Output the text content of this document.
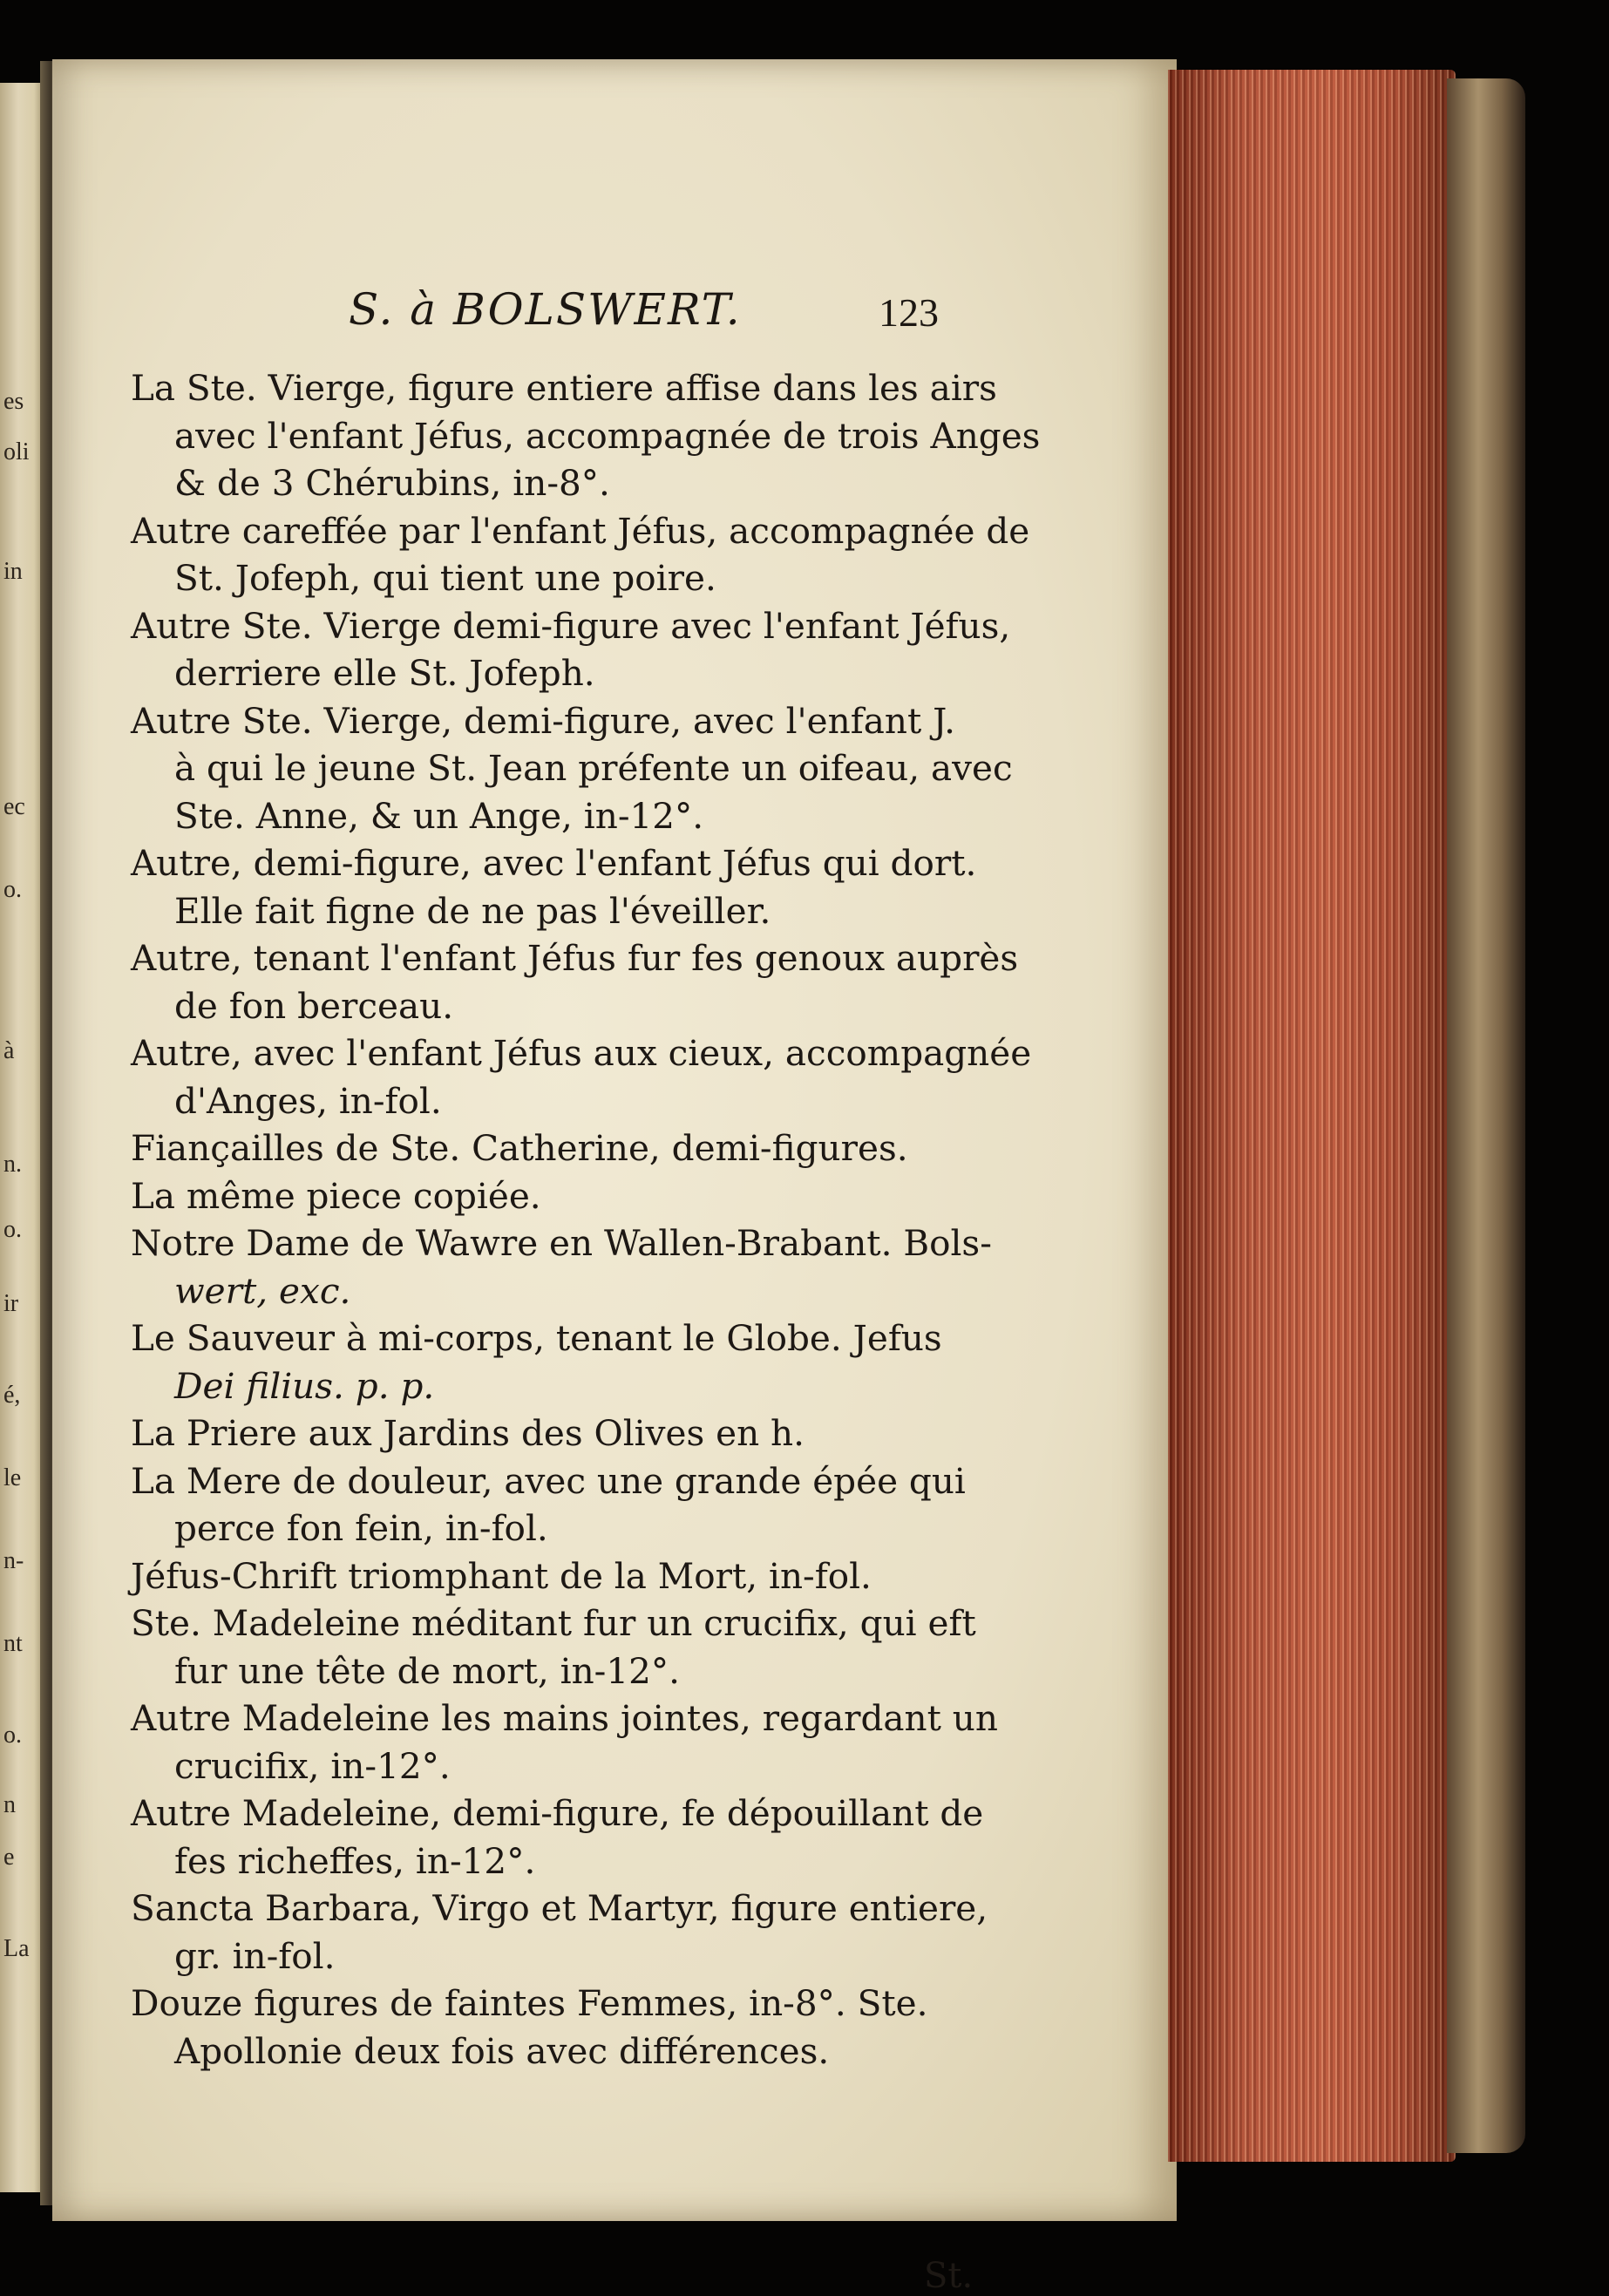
es
oli
in
ec
o.
à
n.
o.
ir
é,
le
n-
nt
o.
n
e
La
S. à BOLSWERT.	123

La Ste. Vierge, figure entiere affise dans les airs
avec l'enfant Jéfus, accompagnée de trois Anges

& de 3 Chérubins, in-8°.

Autre careffée par l'enfant Jéfus, accompagnée de
St. Jofeph, qui tient une poire.

Autre Ste. Vierge demi-figure avec l'enfant Jéfus,
derriere elle St. Jofeph.

Autre Ste. Vierge, demi-figure, avec l'enfant J.
à qui le jeune St. Jean préfente un oifeau, avec

Ste. Anne, & un Ange, in-12°.

Autre, demi-figure, avec l'enfant Jéfus qui dort.
Elle fait figne de ne pas l'éveiller.

Autre, tenant l'enfant Jéfus fur fes genoux auprès
de fon berceau.

Autre, avec l'enfant Jéfus aux cieux, accompagnée
d'Anges, in-fol.

Fiançailles de Ste. Catherine, demi-figures.

La même piece copiée.

Notre Dame de Wawre en Wallen-Brabant. Bols-
wert, exc.

Le Sauveur à mi-corps, tenant le Globe. Jefus
Dei filius. p. p.

La Priere aux Jardins des Olives en h.

La Mere de douleur, avec une grande épée qui
perce fon fein, in-fol.

Jéfus-Chrift triomphant de la Mort, in-fol.

Ste. Madeleine méditant fur un crucifix, qui eft
fur une tête de mort, in-12°.

Autre Madeleine les mains jointes, regardant un
crucifix, in-12°.

Autre Madeleine, demi-figure, fe dépouillant de
fes richeffes, in-12°.

Sancta Barbara, Virgo et Martyr, figure entiere,
gr. in-fol.

Douze figures de faintes Femmes, in-8°. Ste.
Apollonie deux fois avec différences.

St.
